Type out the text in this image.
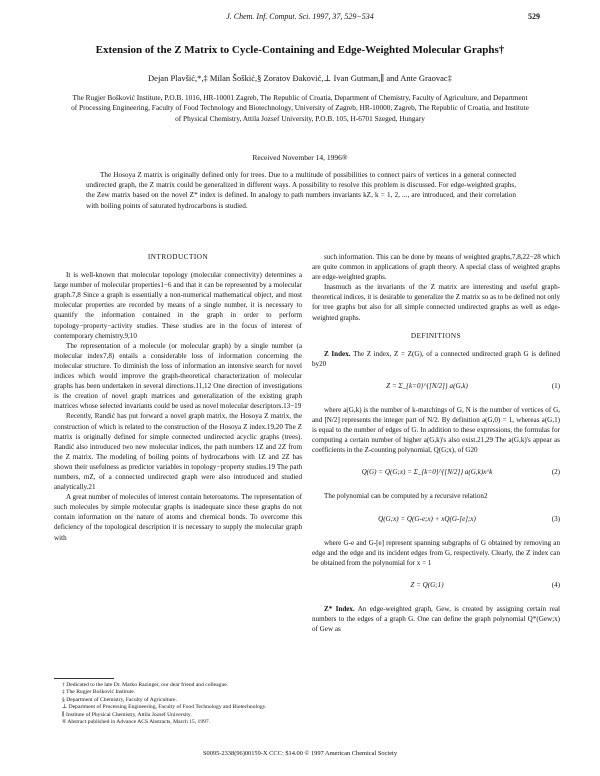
J. Chem. Inf. Comput. Sci. 1997, 37, 529−534	529
Extension of the Z Matrix to Cycle-Containing and Edge-Weighted Molecular Graphs†
Dejan Plavšić,*,‡ Milan Šoškić,§ Zoratov Đaković,⊥ Ivan Gutman,∥ and Ante Graovac‡
The Rugjer Bošković Institute, P.O.B. 1016, HR-10001 Zagreb, The Republic of Croatia, Department of Chemistry, Faculty of Agriculture, and Department of Processing Engineering, Faculty of Food Technology and Biotechnology, University of Zagreb, HR-10000, Zagreb, The Republic of Croatia, and Institute of Physical Chemistry, Attila Jozsef University, P.O.B. 105, H-6701 Szeged, Hungary
Received November 14, 1996®
The Hosoya Z matrix is originally defined only for trees. Due to a multitude of possibilities to connect pairs of vertices in a general connected undirected graph, the Z matrix could be generalized in different ways. A possibility to resolve this problem is discussed. For edge-weighted graphs, the Zew matrix based on the novel Z* index is defined. In analogy to path numbers invariants kZ, k = 1, 2, ..., are introduced, and their correlation with boiling points of saturated hydrocarbons is studied.
INTRODUCTION

It is well-known that molecular topology (molecular connectivity) determines a large number of molecular properties1−6 and that it can be represented by a molecular graph.7,8 Since a graph is essentially a non-numerical mathematical object, and most molecular properties are recorded by means of a single number, it is necessary to quantify the information contained in the graph in order to perform topology−property−activity studies. These studies are in the focus of interest of contemporary chemistry.9,10

The representation of a molecule (or molecular graph) by a single number (a molecular index7,8) entails a considerable loss of information concerning the molecular structure. To diminish the loss of information an intensive search for novel indices which would improve the graph-theoretical characterization of molecular graphs has been undertaken in several directions.11,12 One direction of investigations is the creation of novel graph matrices and generalization of the existing graph matrices whose selected invariants could be used as novel molecular descriptors.13−19

Recently, Randić has put forward a novel graph matrix, the Hosoya Z matrix, the construction of which is related to the construction of the Hosoya Z index.19,20 The Z matrix is originally defined for simple connected undirected acyclic graphs (trees). Randić also introduced two new molecular indices, the path numbers 1Z and 2Z from the Z matrix. The modeling of boiling points of hydrocarbons with 1Z and 2Z has shown their usefulness as predictor variables in topology−property studies.19 The path numbers, mZ, of a connected undirected graph were also introduced and studied analytically.21

A great number of molecules of interest contain heteroatoms. The representation of such molecules by simple molecular graphs is inadequate since these graphs do not contain information on the nature of atoms and chemical bonds. To overcome this deficiency of the topological description it is necessary to supply the molecular graph with

such information. This can be done by means of weighted graphs,7,8,22−28 which are quite common in applications of graph theory. A special class of weighted graphs are edge-weighted graphs.

Inasmuch as the invariants of the Z matrix are interesting and useful graph-theoretical indices, it is desirable to generalize the Z matrix so as to be defined not only for tree graphs but also for all simple connected undirected graphs as well as edge-weighted graphs.

DEFINITIONS

Z Index. The Z index, Z = Z(G), of a connected undirected graph G is defined by20

Z = Σ_{k=0}^{[N/2]} a(G,k)	(1)

where a(G,k) is the number of k-matchings of G, N is the number of vertices of G, and [N/2] represents the integer part of N/2. By definition a(G,0) = 1, whereas a(G,1) is equal to the number of edges of G. In addition to these expressions, the formulas for computing a certain number of higher a(G,k)'s also exist.21,29 The a(G,k)'s appear as coefficients in the Z-counting polynomial, Q(G;x), of G20

Q(G) = Q(G;x) = Σ_{k=0}^{[N/2]} a(G,k)x^k	(2)

The polynomial can be computed by a recursive relation2

Q(G;x) = Q(G-e;x) + xQ(G-[e];x)	(3)

where G-e and G-[e] represent spanning subgraphs of G obtained by removing an edge and the edge and its incident edges from G, respectively. Clearly, the Z index can be obtained from the polynomial for x = 1

Z = Q(G;1)	(4)

Z* Index. An edge-weighted graph, Gew, is created by assigning certain real numbers to the edges of a graph G. One can define the graph polynomial Q*(Gew;x) of Gew as

† Dedicated to the late Dr. Marko Razinger, our dear friend and colleague.
‡ The Rugjer Bošković Institute.
§ Department of Chemistry, Faculty of Agriculture.
⊥ Department of Processing Engineering, Faculty of Food Technology and Biotechnology.
∥ Institute of Physical Chemistry, Attila Jozsef University.
® Abstract published in Advance ACS Abstracts, March 15, 1997.
S0095-2338(96)00159-X CCC: $14.00 © 1997 American Chemical Society
